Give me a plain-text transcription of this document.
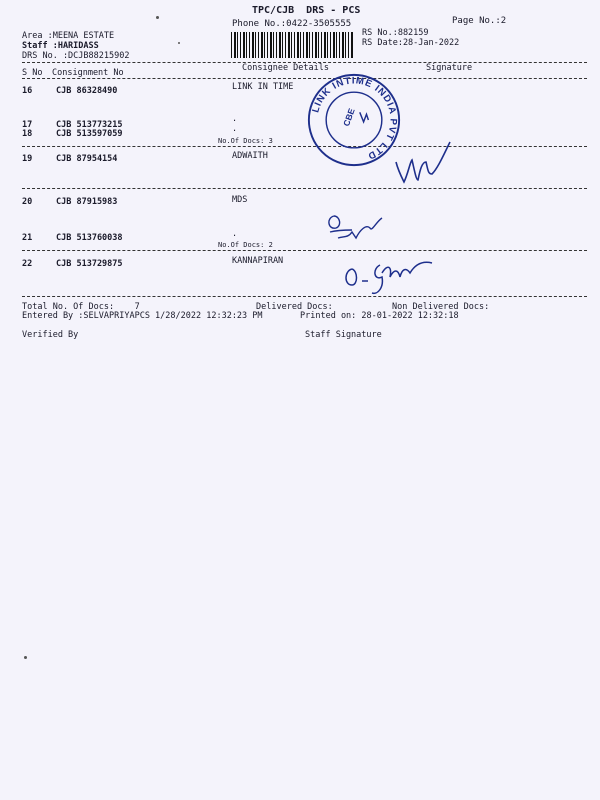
TPC/CJB  DRS - PCS
Phone No.:0422-3505555	Page No.:2
Area :MEENA ESTATE
Staff :HARIDASS
DRS No. :DCJB88215902
RS No.:882159
RS Date:28-Jan-2022
S No Consignment No	Consignee Details	Signature
16	CJB 86328490	LINK IN TIME
17	CJB 513773215
.
18	CJB 513597059	.
No.Of Docs: 3
19	CJB 87954154	ADWAITH
20	CJB 87915983	MDS
21	CJB 513760038	.
No.Of Docs: 2
22	CJB 513729875	KANNAPIRAN
LINK INTIME INDIA PVT LTD
CBE
Total No. Of Docs:    7	Delivered Docs:	Non Delivered Docs:
Entered By :SELVAPRIYAPCS 1/28/2022 12:32:23 PM	Printed on: 28-01-2022 12:32:18
Verified By	Staff Signature
